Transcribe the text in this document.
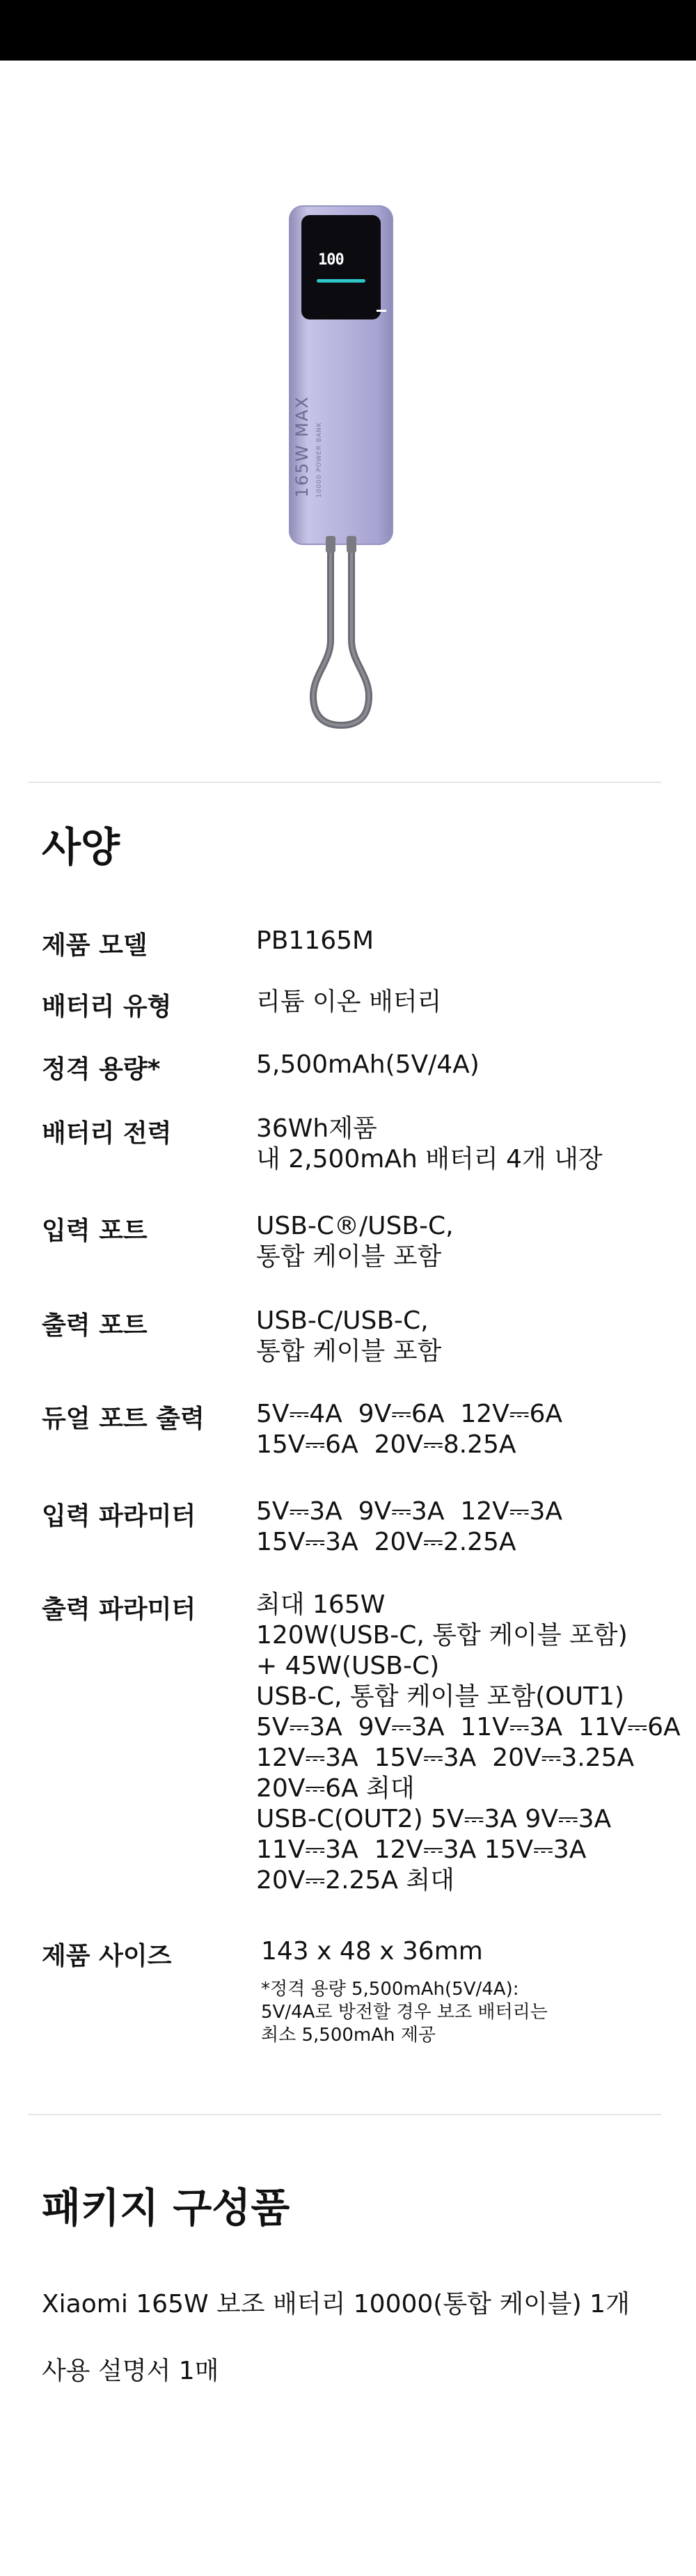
100
165W MAX 10000 POWER BANK
사양
제품 모델	PB1165M
배터리 유형	리튬 이온 배터리
정격 용량*	5,500mAh(5V/4A)
배터리 전력	36Wh제품
내 2,500mAh 배터리 4개 내장
입력 포트	USB-C®/USB-C,
통합 케이블 포함
출력 포트	USB-C/USB-C,
통합 케이블 포함
듀얼 포트 출력 5V⎓4A  9V⎓6A  12V⎓6A
15V⎓6A  20V⎓8.25A
입력 파라미터 5V⎓3A  9V⎓3A  12V⎓3A
15V⎓3A  20V⎓2.25A
출력 파라미터 최대 165W
120W(USB-C, 통합 케이블 포함)
+ 45W(USB-C)
USB-C, 통합 케이블 포함(OUT1)
5V⎓3A  9V⎓3A  11V⎓3A  11V⎓6A
12V⎓3A  15V⎓3A  20V⎓3.25A
20V⎓6A 최대
USB-C(OUT2) 5V⎓3A 9V⎓3A
11V⎓3A  12V⎓3A 15V⎓3A
20V⎓2.25A 최대
제품 사이즈	143 x 48 x 36mm
*정격 용량 5,500mAh(5V/4A):
5V/4A로 방전할 경우 보조 배터리는
최소 5,500mAh 제공
패키지 구성품
Xiaomi 165W 보조 배터리 10000(통합 케이블) 1개
사용 설명서 1매
